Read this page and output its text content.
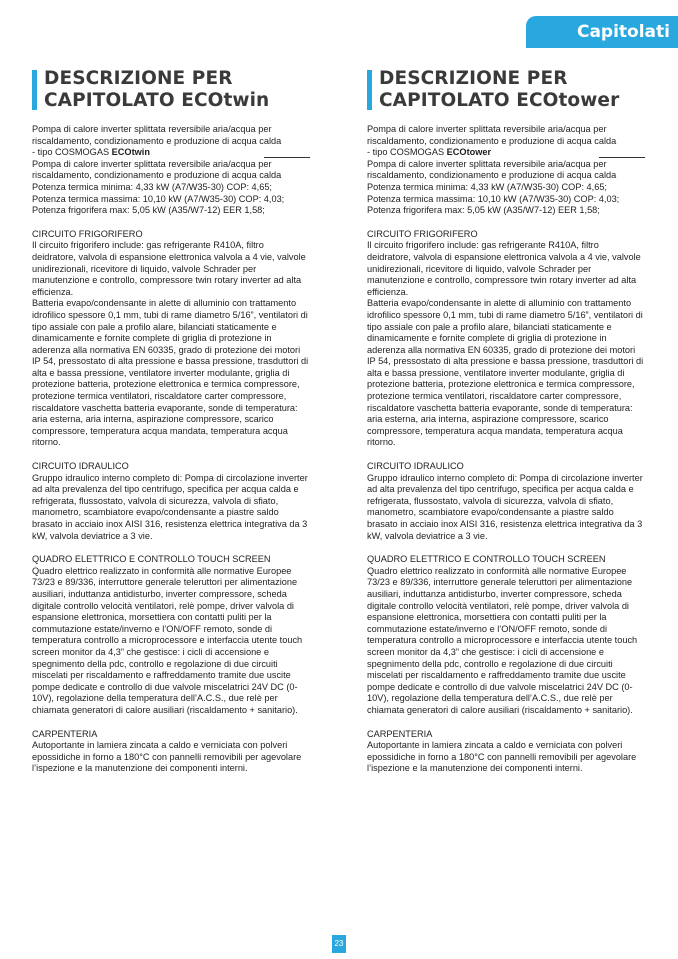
Capitolati
DESCRIZIONE PER
CAPITOLATO ECOtwin

Pompa di calore inverter splittata reversibile aria/acqua per riscaldamento, condizionamento e produzione di acqua calda

- tipo COSMOGAS ECOtwin

Pompa di calore inverter splittata reversibile aria/acqua per riscaldamento, condizionamento e produzione di acqua calda

Potenza termica minima: 4,33 kW (A7/W35-30) COP: 4,65;

Potenza termica massima: 10,10 kW (A7/W35-30) COP: 4,03;

Potenza frigorifera max: 5,05 kW (A35/W7-12) EER 1,58;

CIRCUITO FRIGORIFERO

Il circuito frigorifero include: gas refrigerante R410A, filtro deidratore, valvola di espansione elettronica valvola a 4 vie, valvole unidirezionali, ricevitore di liquido, valvole Schrader per manutenzione e controllo, compressore twin rotary inverter ad alta efficienza.

Batteria evapo/condensante in alette di alluminio con trattamento idrofilico spessore 0,1 mm, tubi di rame diametro 5/16”, ventilatori di tipo assiale con pale a profilo alare, bilanciati staticamente e dinamicamente e fornite complete di griglia di protezione in aderenza alla normativa EN 60335, grado di protezione dei motori IP 54, pressostato di alta pressione e bassa pressione, trasduttori di alta e bassa pressione, ventilatore inverter modulante, griglia di protezione batteria, protezione elettronica e termica compressore, protezione termica ventilatori, riscaldatore carter compressore, riscaldatore vaschetta batteria evaporante, sonde di temperatura: aria esterna, aria interna, aspirazione compressore, scarico compressore, temperatura acqua mandata, temperatura acqua ritorno.

CIRCUITO IDRAULICO

Gruppo idraulico interno completo di: Pompa di circolazione inverter ad alta prevalenza del tipo centrifugo, specifica per acqua calda e refrigerata, flussostato, valvola di sicurezza, valvola di sfiato, manometro, scambiatore evapo/condensante a piastre saldo brasato in acciaio inox AISI 316, resistenza elettrica integrativa da 3 kW, valvola deviatrice a 3 vie.

QUADRO ELETTRICO E CONTROLLO TOUCH SCREEN

Quadro elettrico realizzato in conformità alle normative Europee 73/23 e 89/336, interruttore generale teleruttori per alimentazione ausiliari, induttanza antidisturbo, inverter compressore, scheda digitale controllo velocità ventilatori, relè pompe, driver valvola di espansione elettronica, morsettiera con contatti puliti per la commutazione estate/inverno e l’ON/OFF remoto, sonde di temperatura controllo a microprocessore e interfaccia utente touch screen monitor da 4,3” che gestisce: i cicli di accensione e spegnimento della pdc, controllo e regolazione di due circuiti miscelati per riscaldamento e raffreddamento tramite due uscite pompe dedicate e controllo di due valvole miscelatrici 24V DC (0-10V), regolazione della temperatura dell’A.C.S., due relè per chiamata generatori di calore ausiliari (riscaldamento + sanitario).

CARPENTERIA

Autoportante in lamiera zincata a caldo e verniciata con polveri epossidiche in forno a 180°C con pannelli removibili per agevolare l’ispezione e la manutenzione dei componenti interni.

DESCRIZIONE PER
CAPITOLATO ECOtower

Pompa di calore inverter splittata reversibile aria/acqua per riscaldamento, condizionamento e produzione di acqua calda

- tipo COSMOGAS ECOtower

Pompa di calore inverter splittata reversibile aria/acqua per riscaldamento, condizionamento e produzione di acqua calda

Potenza termica minima: 4,33 kW (A7/W35-30) COP: 4,65;

Potenza termica massima: 10,10 kW (A7/W35-30) COP: 4,03;

Potenza frigorifera max: 5,05 kW (A35/W7-12) EER 1,58;

CIRCUITO FRIGORIFERO

Il circuito frigorifero include: gas refrigerante R410A, filtro deidratore, valvola di espansione elettronica valvola a 4 vie, valvole unidirezionali, ricevitore di liquido, valvole Schrader per manutenzione e controllo, compressore twin rotary inverter ad alta efficienza.

Batteria evapo/condensante in alette di alluminio con trattamento idrofilico spessore 0,1 mm, tubi di rame diametro 5/16”, ventilatori di tipo assiale con pale a profilo alare, bilanciati staticamente e dinamicamente e fornite complete di griglia di protezione in aderenza alla normativa EN 60335, grado di protezione dei motori IP 54, pressostato di alta pressione e bassa pressione, trasduttori di alta e bassa pressione, ventilatore inverter modulante, griglia di protezione batteria, protezione elettronica e termica compressore, protezione termica ventilatori, riscaldatore carter compressore, riscaldatore vaschetta batteria evaporante, sonde di temperatura: aria esterna, aria interna, aspirazione compressore, scarico compressore, temperatura acqua mandata, temperatura acqua ritorno.

CIRCUITO IDRAULICO

Gruppo idraulico interno completo di: Pompa di circolazione inverter ad alta prevalenza del tipo centrifugo, specifica per acqua calda e refrigerata, flussostato, valvola di sicurezza, valvola di sfiato, manometro, scambiatore evapo/condensante a piastre saldo brasato in acciaio inox AISI 316, resistenza elettrica integrativa da 3 kW, valvola deviatrice a 3 vie.

QUADRO ELETTRICO E CONTROLLO TOUCH SCREEN

Quadro elettrico realizzato in conformità alle normative Europee 73/23 e 89/336, interruttore generale teleruttori per alimentazione ausiliari, induttanza antidisturbo, inverter compressore, scheda digitale controllo velocità ventilatori, relè pompe, driver valvola di espansione elettronica, morsettiera con contatti puliti per la commutazione estate/inverno e l’ON/OFF remoto, sonde di temperatura controllo a microprocessore e interfaccia utente touch screen monitor da 4,3” che gestisce: i cicli di accensione e spegnimento della pdc, controllo e regolazione di due circuiti miscelati per riscaldamento e raffreddamento tramite due uscite pompe dedicate e controllo di due valvole miscelatrici 24V DC (0-10V), regolazione della temperatura dell’A.C.S., due relè per chiamata generatori di calore ausiliari (riscaldamento + sanitario).

CARPENTERIA

Autoportante in lamiera zincata a caldo e verniciata con polveri epossidiche in forno a 180°C con pannelli removibili per agevolare l’ispezione e la manutenzione dei componenti interni.

23
